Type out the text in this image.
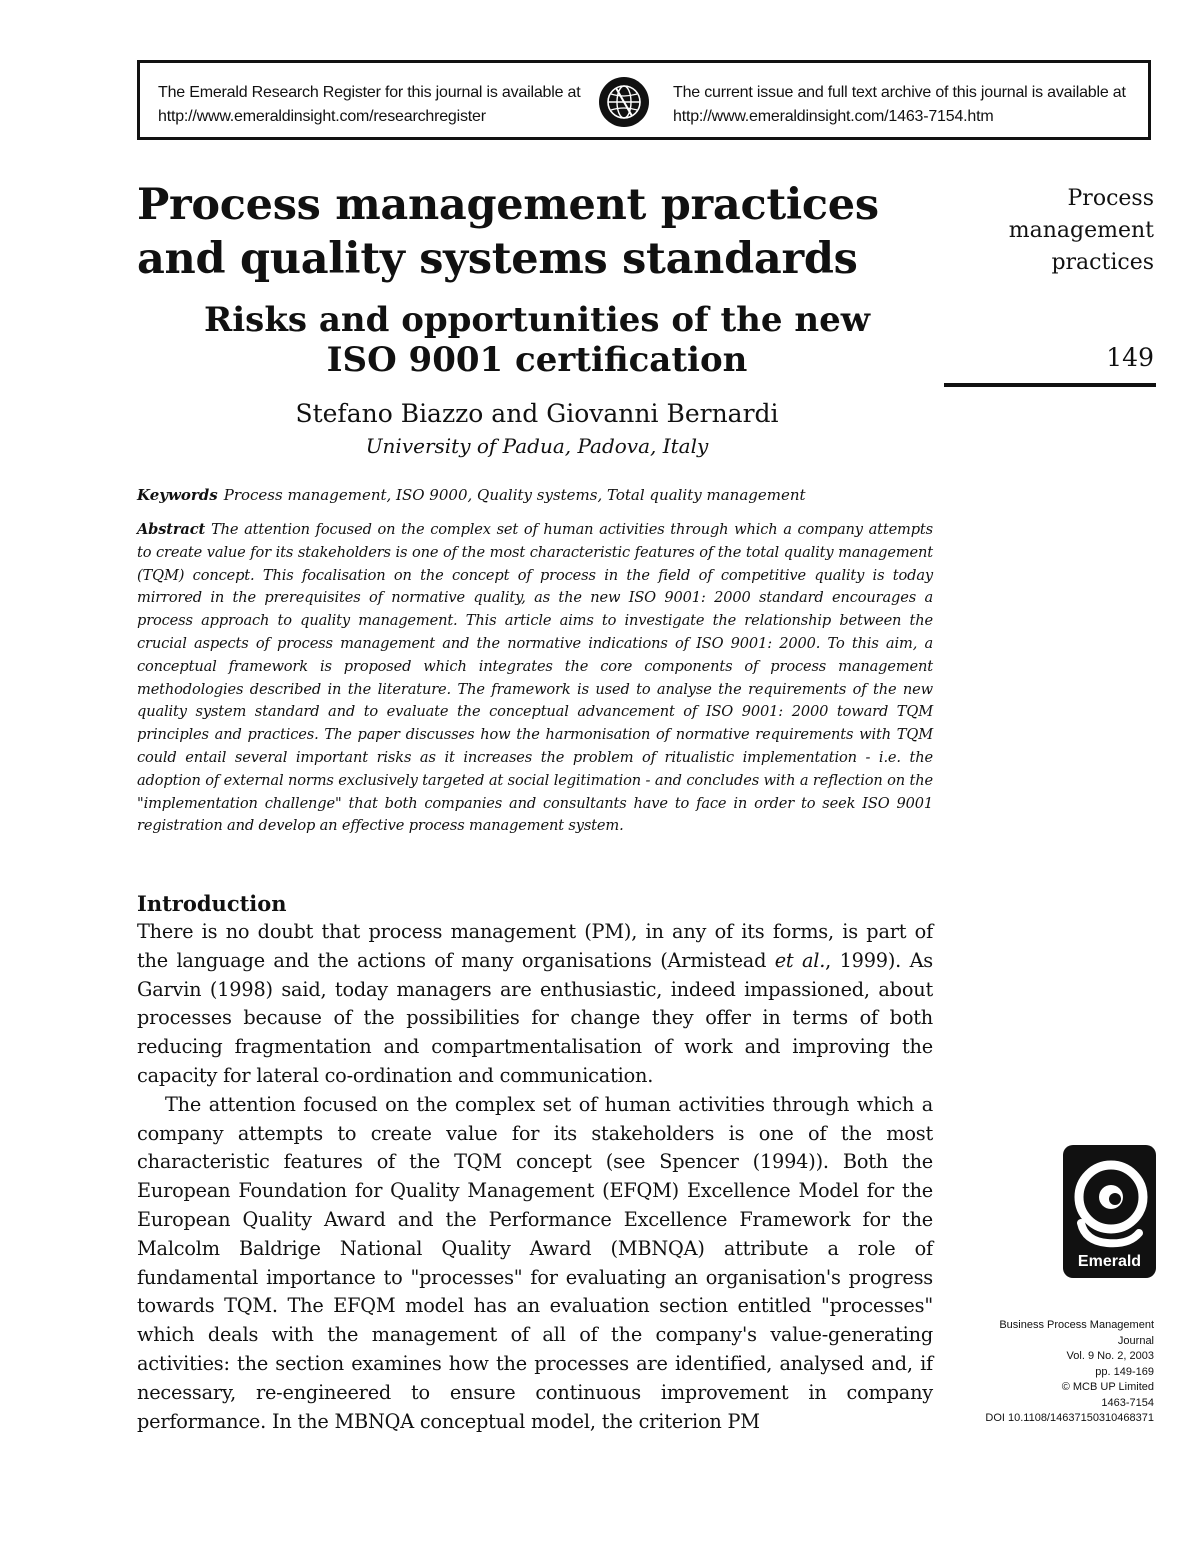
The Emerald Research Register for this journal is available at
http://www.emeraldinsight.com/researchregister
The current issue and full text archive of this journal is available at
http://www.emeraldinsight.com/1463-7154.htm
Process management practices
and quality systems standards
Risks and opportunities of the new
ISO 9001 certification
Stefano Biazzo and Giovanni Bernardi
University of Padua, Padova, Italy
Keywords Process management, ISO 9000, Quality systems, Total quality management
Abstract The attention focused on the complex set of human activities through which a company attempts to create value for its stakeholders is one of the most characteristic features of the total quality management (TQM) concept. This focalisation on the concept of process in the field of competitive quality is today mirrored in the prerequisites of normative quality, as the new ISO 9001: 2000 standard encourages a process approach to quality management. This article aims to investigate the relationship between the crucial aspects of process management and the normative indications of ISO 9001: 2000. To this aim, a conceptual framework is proposed which integrates the core components of process management methodologies described in the literature. The framework is used to analyse the requirements of the new quality system standard and to evaluate the conceptual advancement of ISO 9001: 2000 toward TQM principles and practices. The paper discusses how the harmonisation of normative requirements with TQM could entail several important risks as it increases the problem of ritualistic implementation - i.e. the adoption of external norms exclusively targeted at social legitimation - and concludes with a reflection on the "implementation challenge" that both companies and consultants have to face in order to seek ISO 9001 registration and develop an effective process management system.
Introduction

There is no doubt that process management (PM), in any of its forms, is part of the language and the actions of many organisations (Armistead et al., 1999). As Garvin (1998) said, today managers are enthusiastic, indeed impassioned, about processes because of the possibilities for change they offer in terms of both reducing fragmentation and compartmentalisation of work and improving the capacity for lateral co-ordination and communication.

The attention focused on the complex set of human activities through which a company attempts to create value for its stakeholders is one of the most characteristic features of the TQM concept (see Spencer (1994)). Both the European Foundation for Quality Management (EFQM) Excellence Model for the European Quality Award and the Performance Excellence Framework for the Malcolm Baldrige National Quality Award (MBNQA) attribute a role of fundamental importance to "processes" for evaluating an organisation's progress towards TQM. The EFQM model has an evaluation section entitled "processes" which deals with the management of all of the company's value-generating activities: the section examines how the processes are identified, analysed and, if necessary, re-engineered to ensure continuous improvement in company performance. In the MBNQA conceptual model, the criterion PM

Process
management
practices
149
Emerald
Business Process Management
Journal
Vol. 9 No. 2, 2003
pp. 149-169
© MCB UP Limited
1463-7154
DOI 10.1108/14637150310468371
